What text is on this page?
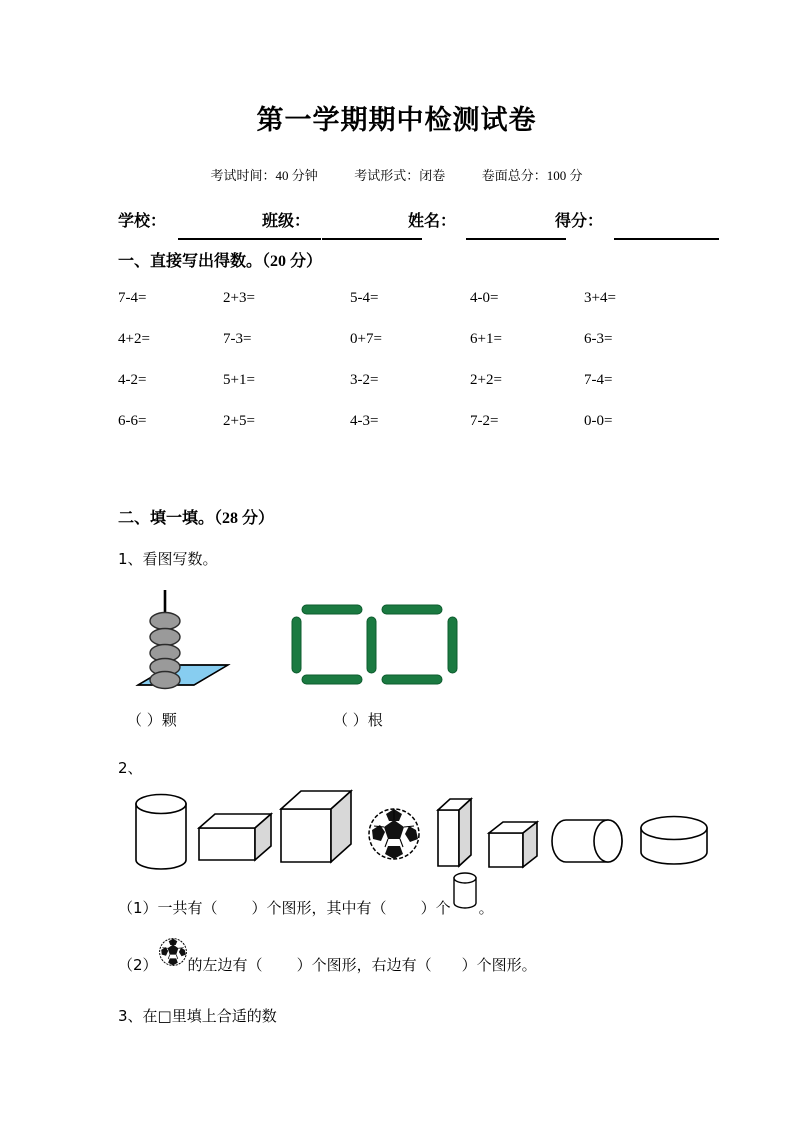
第一学期期中检测试卷
考试时间：40 分钟	考试形式：闭卷	卷面总分：100 分
学校：	班级：	姓名：	得分：
一、直接写出得数。（20 分）
7-4=	2+3=	5-4=	4-0=	3+4=
4+2=	7-3=	0+7=	6+1=	6-3=
4-2=	5+1=	3-2=	2+2=	7-4=
6-6=	2+5=	4-3=	7-2=	0-0=
二、填一填。（28 分）
1、看图写数。
（ ）颗	（ ）根
2、
（1）一共有（ ）个图形，其中有（ ）个 。
（2） 的左边有（ ）个图形，右边有（ ）个图形。
3、在□里填上合适的数
